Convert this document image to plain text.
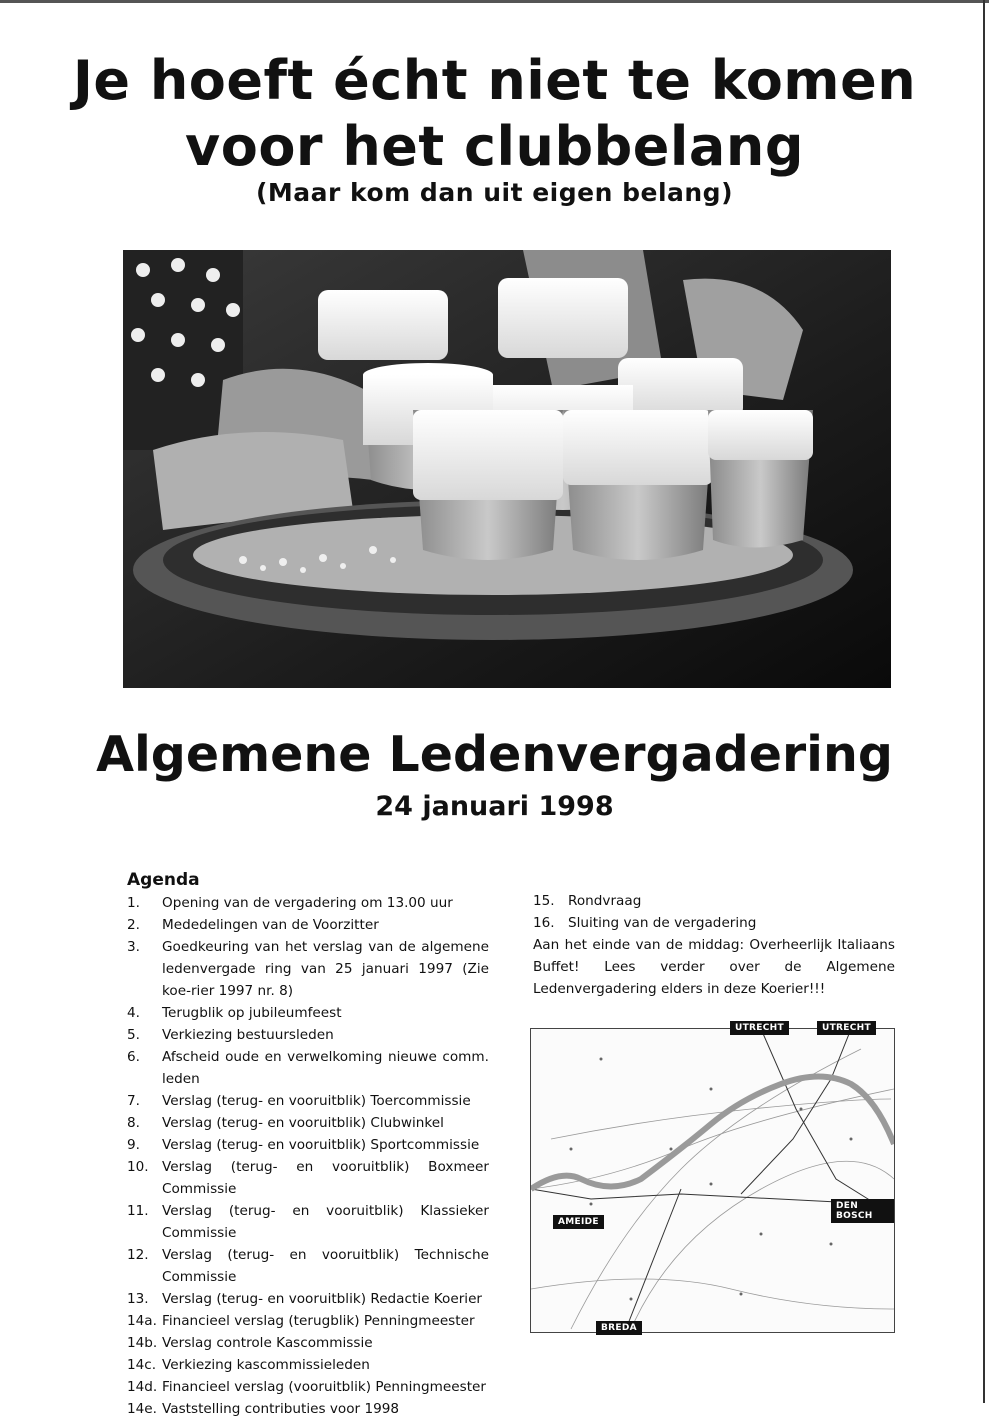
Je hoeft écht niet te komen
voor het clubbelang
(Maar kom dan uit eigen belang)
Algemene Ledenvergadering
24 januari 1998
Agenda
1.	Opening van de vergadering om 13.00 uur
2.	Mededelingen van de Voorzitter
3.	Goedkeuring van het verslag van de algemene ledenvergade ring van 25 januari 1997 (Zie koe-rier 1997 nr. 8)
4.	Terugblik op jubileumfeest
5.	Verkiezing bestuursleden
6.	Afscheid oude en verwelkoming nieuwe comm. leden
7.	Verslag (terug- en vooruitblik) Toercommissie
8.	Verslag (terug- en vooruitblik) Clubwinkel
9.	Verslag (terug- en vooruitblik) Sportcommissie
10. Verslag (terug- en vooruitblik) Boxmeer Commissie
11. Verslag (terug- en vooruitblik) Klassieker Commissie
12. Verslag (terug- en vooruitblik) Technische Commissie
13. Verslag (terug- en vooruitblik) Redactie Koerier
14a. Financieel verslag (terugblik) Penningmeester
14b. Verslag controle Kascommissie
14c. Verkiezing kascommissieleden
14d. Financieel verslag (vooruitblik) Penningmeester
14e. Vaststelling contributies voor 1998
15. Rondvraag
16. Sluiting van de vergadering
Aan het einde van de middag: Overheerlijk Italiaans Buffet! Lees verder over de Algemene Ledenvergadering elders in deze Koerier!!!
UTRECHT	UTRECHT
DEN BOSCH
AMEIDE
BREDA
